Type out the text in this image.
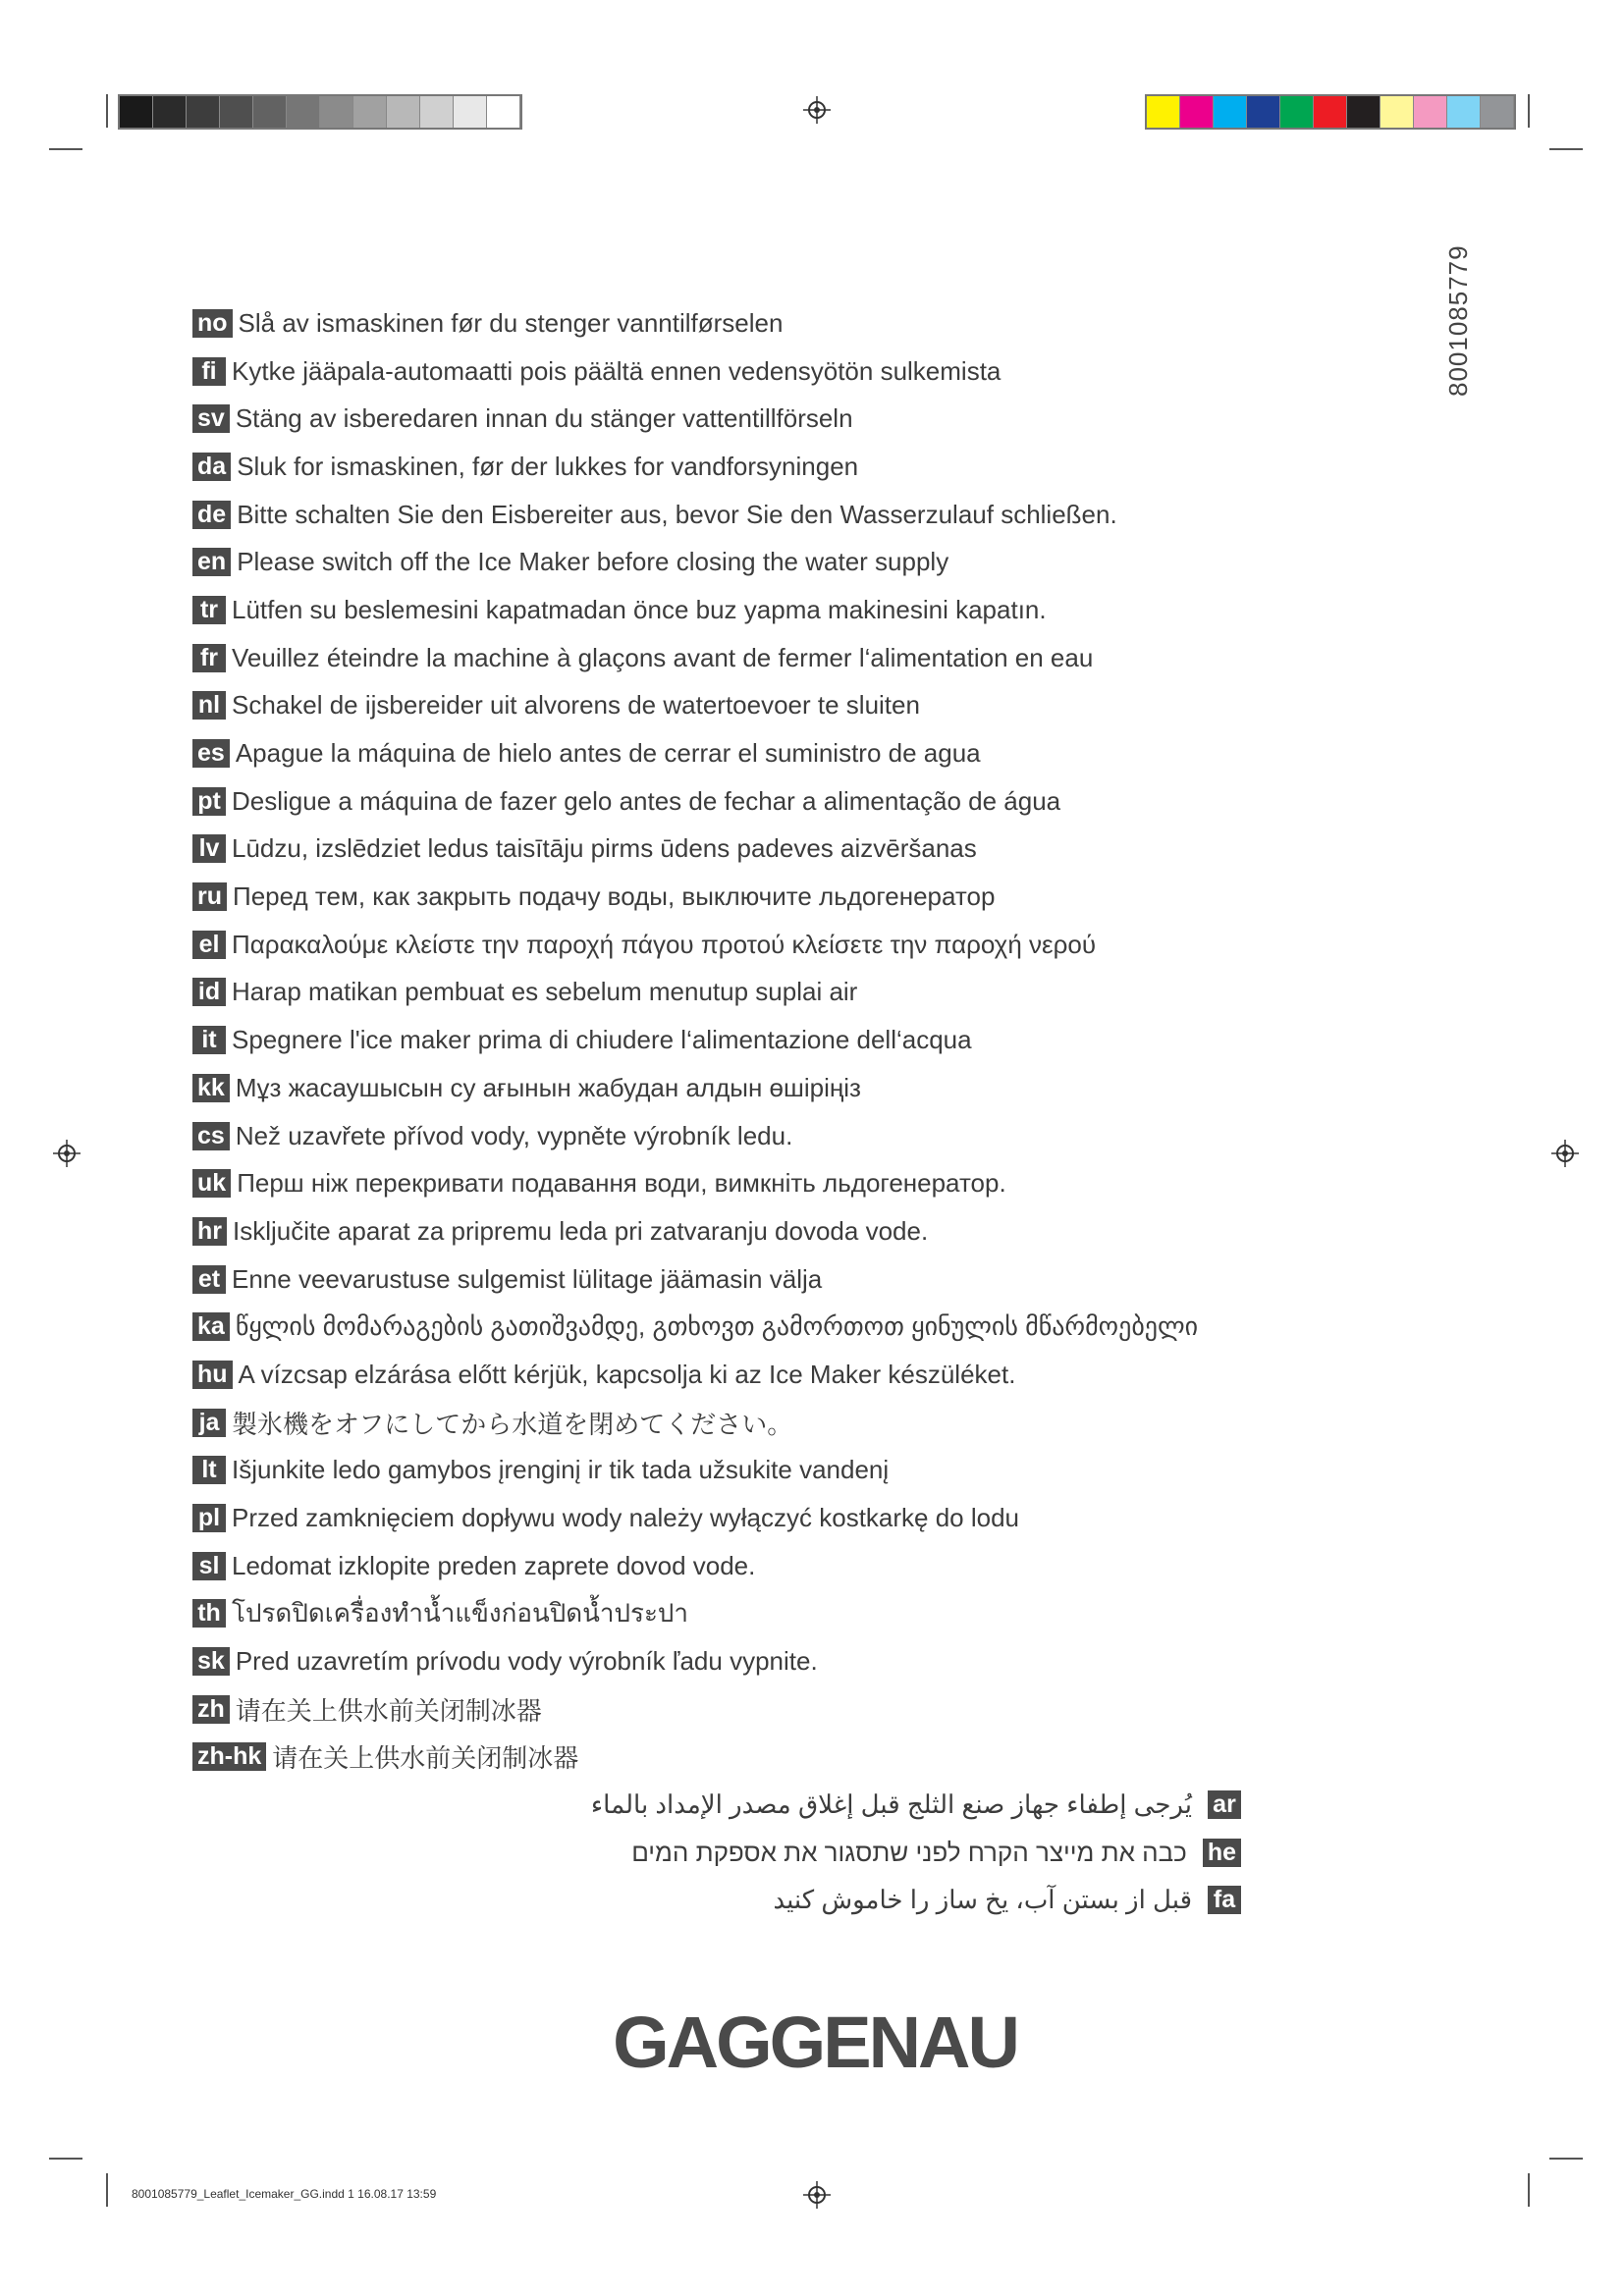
8001085779
no Slå av ismaskinen før du stenger vanntilførselen
fi Kytke jääpala-automaatti pois päältä ennen vedensyötön sulkemista
sv Stäng av isberedaren innan du stänger vattentillförseln
da Sluk for ismaskinen, før der lukkes for vandforsyningen
de Bitte schalten Sie den Eisbereiter aus, bevor Sie den Wasserzulauf schließen.
en Please switch off the Ice Maker before closing the water supply
tr Lütfen su beslemesini kapatmadan önce buz yapma makinesini kapatın.
fr Veuillez éteindre la machine à glaçons avant de fermer l‘alimentation en eau
nl Schakel de ijsbereider uit alvorens de watertoevoer te sluiten
es Apague la máquina de hielo antes de cerrar el suministro de agua
pt Desligue a máquina de fazer gelo antes de fechar a alimentação de água
lv Lūdzu, izslēdziet ledus taisītāju pirms ūdens padeves aizvēršanas
ru Перед тем, как закрыть подачу воды, выключите льдогенератор
el Παρακαλούμε κλείστε την παροχή πάγου προτού κλείσετε την παροχή νερού
id Harap matikan pembuat es sebelum menutup suplai air
it Spegnere l'ice maker prima di chiudere l‘alimentazione dell‘acqua
kk Мұз жасаушысын су ағынын жабудан алдын өшіріңіз
cs Než uzavřete přívod vody, vypněte výrobník ledu.
uk Перш ніж перекривати подавання води, вимкніть льдогенератор.
hr Isključite aparat za pripremu leda pri zatvaranju dovoda vode.
et Enne veevarustuse sulgemist lülitage jäämasin välja
ka წყლის მომარაგების გათიშვამდე, გთხოვთ გამორთოთ ყინულის მწარმოებელი
hu A vízcsap elzárása előtt kérjük, kapcsolja ki az Ice Maker készüléket.
ja 製氷機をオフにしてから水道を閉めてください。
lt Išjunkite ledo gamybos įrenginį ir tik tada užsukite vandenį
pl Przed zamknięciem dopływu wody należy wyłączyć kostkarkę do lodu
sl Ledomat izklopite preden zaprete dovod vode.
th โปรดปิดเครื่องทำน้ำแข็งก่อนปิดน้ำประปา
sk Pred uzavretím prívodu vody výrobník ľadu vypnite.
zh 请在关上供水前关闭制冰器
zh-hk 请在关上供水前关闭制冰器
يُرجى إطفاء جهاز صنع الثلج قبل إغلاق مصدر الإمداد بالماء ar
כבה את מייצר הקרח לפני שתסגור את אספקת המים he
قبل از بستن آب، یخ ساز را خاموش کنید fa
GAGGENAU
8001085779_Leaflet_Icemaker_GG.indd 1 16.08.17 13:59
